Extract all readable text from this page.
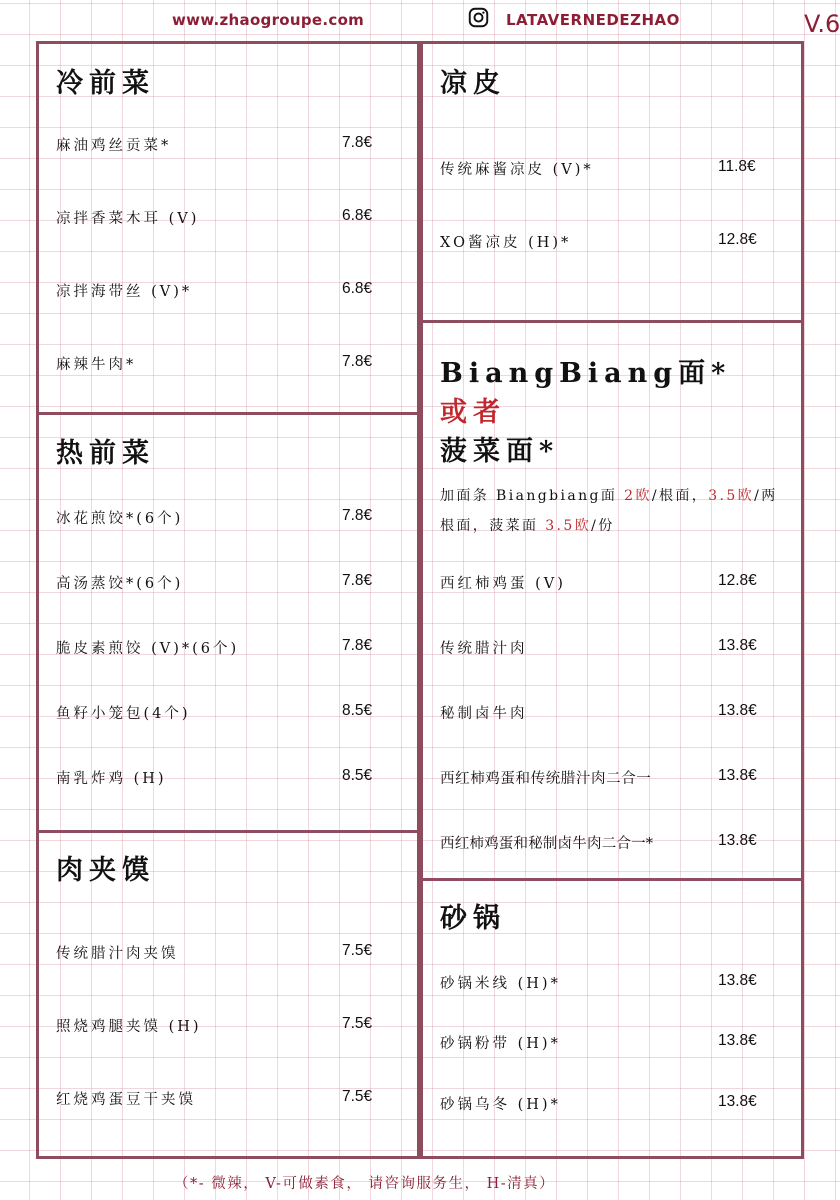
www.zhaogroupe.com	LATAVERNEDEZHAO	V.6
冷前菜
麻油鸡丝贡菜*	7.8€
凉拌香菜木耳 (V)	6.8€
凉拌海带丝 (V)*	6.8€
麻辣牛肉*	7.8€
热前菜
冰花煎饺*(6个)	7.8€
高汤蒸饺*(6个)	7.8€
脆皮素煎饺 (V)*(6个)	7.8€
鱼籽小笼包(4个)	8.5€
南乳炸鸡 (H)	8.5€
肉夹馍
传统腊汁肉夹馍	7.5€
照烧鸡腿夹馍 (H)	7.5€
红烧鸡蛋豆干夹馍	7.5€
凉皮
传统麻酱凉皮 (V)*	11.8€
XO酱凉皮 (H)*	12.8€
BiangBiang面*
或者
菠菜面*
加面条 Biangbiang面 2欧/根面，3.5欧/两根面，菠菜面 3.5欧/份
西红柿鸡蛋 (V)	12.8€
传统腊汁肉	13.8€
秘制卤牛肉	13.8€
西红柿鸡蛋和传统腊汁肉二合一	13.8€
西红柿鸡蛋和秘制卤牛肉二合一*	13.8€
砂锅
砂锅米线 (H)*	13.8€
砂锅粉带 (H)*	13.8€
砂锅乌冬 (H)*	13.8€
（*- 微辣， V-可做素食， 请咨询服务生， H-清真）
